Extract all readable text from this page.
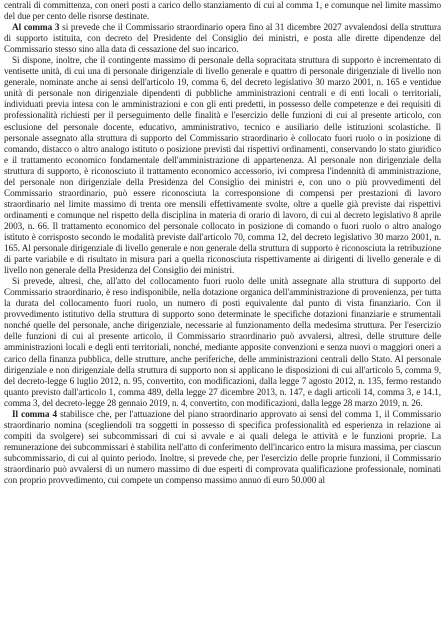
centrali di committenza, con oneri posti a carico dello stanziamento di cui al comma 1, e comunque nel limite massimo del due per cento delle risorse destinate.

Al comma 3 si prevede che il Commissario straordinario opera fino al 31 dicembre 2027 avvalendosi della struttura di supporto istituita, con decreto del Presidente del Consiglio dei ministri, e posta alle dirette dipendenze del Commissario stesso sino alla data di cessazione del suo incarico.

Si dispone, inoltre, che il contingente massimo di personale della sopracitata struttura di supporto è incrementato di ventisette unità, di cui una di personale dirigenziale di livello generale e quattro di personale dirigenziale di livello non generale, nominate anche ai sensi dell'articolo 19, comma 6, del decreto legislativo 30 marzo 2001, n. 165 e ventidue unità di personale non dirigenziale dipendenti di pubbliche amministrazioni centrali e di enti locali o territoriali, individuati previa intesa con le amministrazioni e con gli enti predetti, in possesso delle competenze e dei requisiti di professionalità richiesti per il perseguimento delle finalità e l'esercizio delle funzioni di cui al presente articolo, con esclusione del personale docente, educativo, amministrativo, tecnico e ausiliario delle istituzioni scolastiche. Il personale assegnato alla struttura di supporto del Commissario straordinario è collocato fuori ruolo o in posizione di comando, distacco o altro analogo istituto o posizione previsti dai rispettivi ordinamenti, conservando lo stato giuridico e il trattamento economico fondamentale dell'amministrazione di appartenenza. Al personale non dirigenziale della struttura di supporto, è riconosciuto il trattamento economico accessorio, ivi compresa l'indennità di amministrazione, del personale non dirigenziale della Presidenza del Consiglio dei ministri e, con uno o più provvedimenti del Commissario straordinario, può essere riconosciuta la corresponsione di compensi per prestazioni di lavoro straordinario nel limite massimo di trenta ore mensili effettivamente svolte, oltre a quelle già previste dai rispettivi ordinamenti e comunque nel rispetto della disciplina in materia di orario di lavoro, di cui al decreto legislativo 8 aprile 2003, n. 66. Il trattamento economico del personale collocato in posizione di comando o fuori ruolo o altro analogo istituto è corrisposto secondo le modalità previste dall'articolo 70, comma 12, del decreto legislativo 30 marzo 2001, n. 165. Al personale dirigenziale di livello generale e non generale della struttura di supporto è riconosciuta la retribuzione di parte variabile e di risultato in misura pari a quella riconosciuta rispettivamente ai dirigenti di livello generale e di livello non generale della Presidenza del Consiglio dei ministri.

Si prevede, altresì, che, all'atto del collocamento fuori ruolo delle unità assegnate alla struttura di supporto del Commissario straordinario, è reso indisponibile, nella dotazione organica dell'amministrazione di provenienza, per tutta la durata del collocamento fuori ruolo, un numero di posti equivalente dal punto di vista finanziario. Con il provvedimento istitutivo della struttura di supporto sono determinate le specifiche dotazioni finanziarie e strumentali nonché quelle del personale, anche dirigenziale, necessarie al funzionamento della medesima struttura. Per l'esercizio delle funzioni di cui al presente articolo, il Commissario straordinario può avvalersi, altresì, delle strutture delle amministrazioni locali e degli enti territoriali, nonché, mediante apposite convenzioni e senza nuovi o maggiori oneri a carico della finanza pubblica, delle strutture, anche periferiche, delle amministrazioni centrali dello Stato. Al personale dirigenziale e non dirigenziale della struttura di supporto non si applicano le disposizioni di cui all'articolo 5, comma 9, del decreto-legge 6 luglio 2012, n. 95, convertito, con modificazioni, dalla legge 7 agosto 2012, n. 135, fermo restando quanto previsto dall'articolo 1, comma 489, della legge 27 dicembre 2013, n. 147, e dagli articoli 14, comma 3, e 14.1, comma 3, del decreto-legge 28 gennaio 2019, n. 4, convertito, con modificazioni, dalla legge 28 marzo 2019, n. 26.

Il comma 4 stabilisce che, per l'attuazione del piano straordinario approvato ai sensi del comma 1, il Commissario straordinario nomina (scegliendoli tra soggetti in possesso di specifica professionalità ed esperienza in relazione ai compiti da svolgere) sei subcommissari di cui si avvale e ai quali delega le attività e le funzioni proprie. La remunerazione dei subcommissari è stabilita nell'atto di conferimento dell'incarico entro la misura massima, per ciascun subcommissario, di cui al quinto periodo. Inoltre, si prevede che, per l'esercizio delle proprie funzioni, il Commissario straordinario può avvalersi di un numero massimo di due esperti di comprovata qualificazione professionale, nominati con proprio provvedimento, cui compete un compenso massimo annuo di euro 50.000 al
